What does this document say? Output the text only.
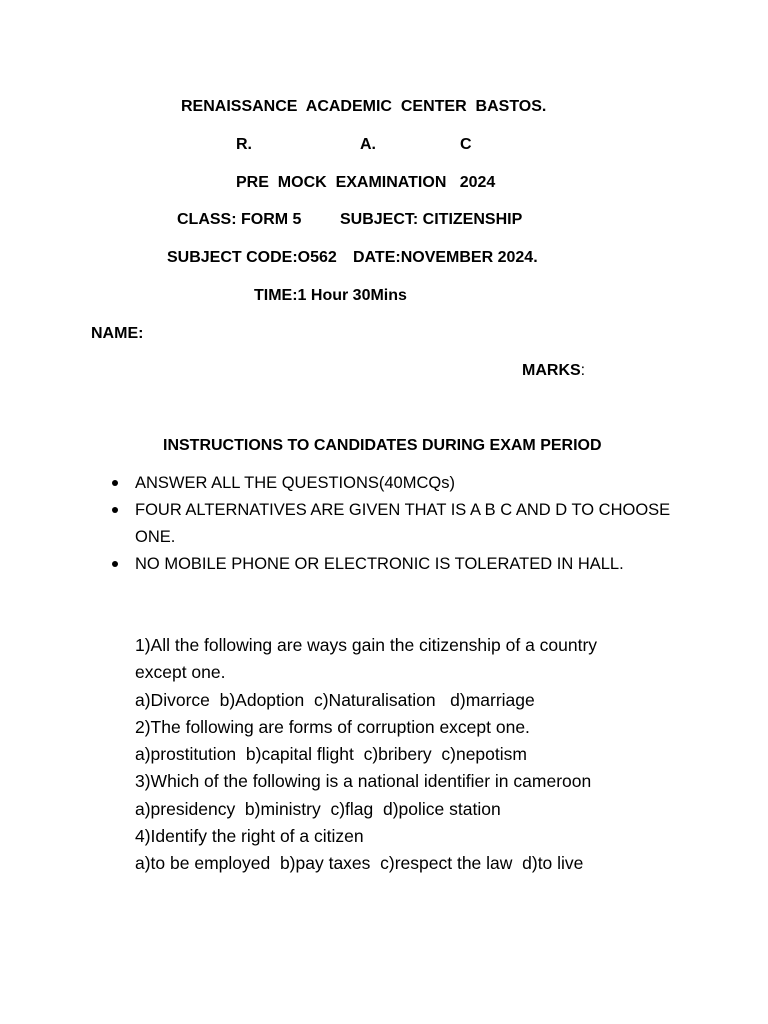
RENAISSANCE  ACADEMIC  CENTER  BASTOS.
R.	A.	C
PRE  MOCK  EXAMINATION   2024
CLASS: FORM 5 SUBJECT: CITIZENSHIP
SUBJECT CODE:O562 DATE:NOVEMBER 2024.
TIME:1 Hour 30Mins
NAME:
MARKS:
INSTRUCTIONS TO CANDIDATES DURING EXAM PERIOD
ANSWER ALL THE QUESTIONS(40MCQs)
FOUR ALTERNATIVES ARE GIVEN THAT IS A B C AND D TO CHOOSE ONE.
NO MOBILE PHONE OR ELECTRONIC IS TOLERATED IN HALL.
1)All the following are ways gain the citizenship of a country
except one.
a)Divorce  b)Adoption  c)Naturalisation   d)marriage
2)The following are forms of corruption except one.
a)prostitution  b)capital flight  c)bribery  c)nepotism
3)Which of the following is a national identifier in cameroon
a)presidency  b)ministry  c)flag  d)police station
4)Identify the right of a citizen
a)to be employed  b)pay taxes  c)respect the law  d)to live
